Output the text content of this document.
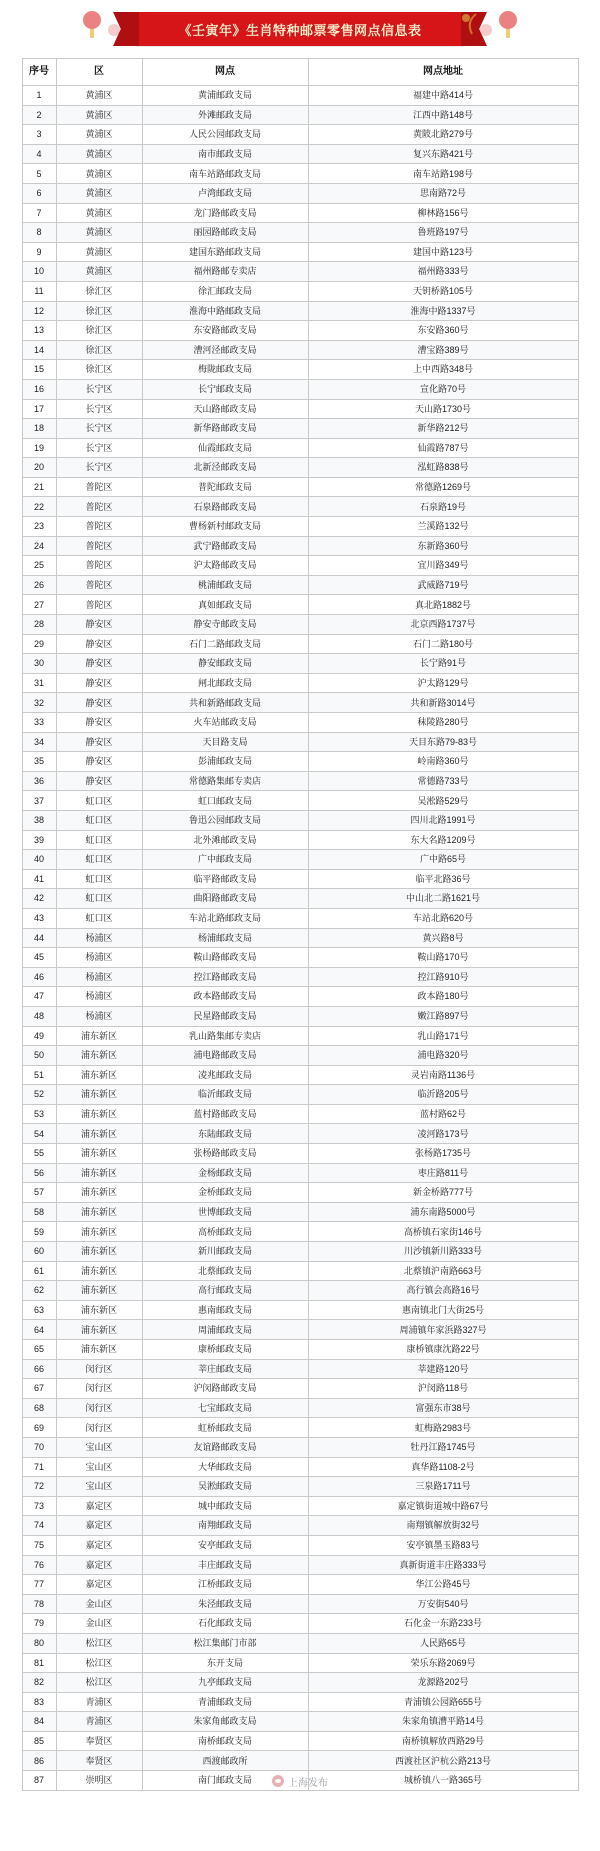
《壬寅年》生肖特种邮票零售网点信息表
序号	区	网点	网点地址
1	黄浦区	黄浦邮政支局	福建中路414号
2	黄浦区	外滩邮政支局	江西中路148号
3	黄浦区	人民公园邮政支局	黄陂北路279号
4	黄浦区	南市邮政支局	复兴东路421号
5	黄浦区	南车站路邮政支局	南车站路198号
6	黄浦区	卢湾邮政支局	思南路72号
7	黄浦区	龙门路邮政支局	柳林路156号
8	黄浦区	丽园路邮政支局	鲁班路197号
9	黄浦区	建国东路邮政支局	建国中路123号
10	黄浦区	福州路邮专卖店	福州路333号
11	徐汇区	徐汇邮政支局	天钥桥路105号
12	徐汇区	淮海中路邮政支局	淮海中路1337号
13	徐汇区	东安路邮政支局	东安路360号
14	徐汇区	漕河泾邮政支局	漕宝路389号
15	徐汇区	梅陇邮政支局	上中西路348号
16	长宁区	长宁邮政支局	宣化路70号
17	长宁区	天山路邮政支局	天山路1730号
18	长宁区	新华路邮政支局	新华路212号
19	长宁区	仙霞邮政支局	仙霞路787号
20	长宁区	北新泾邮政支局	泓虹路838号
21	普陀区	普陀邮政支局	常德路1269号
22	普陀区	石泉路邮政支局	石泉路19号
23	普陀区	曹杨新村邮政支局	兰溪路132号
24	普陀区	武宁路邮政支局	东新路360号
25	普陀区	沪太路邮政支局	宜川路349号
26	普陀区	桃浦邮政支局	武威路719号
27	普陀区	真如邮政支局	真北路1882号
28	静安区	静安寺邮政支局	北京西路1737号
29	静安区	石门二路邮政支局	石门二路180号
30	静安区	静安邮政支局	长宁路91号
31	静安区	闸北邮政支局	沪太路129号
32	静安区	共和新路邮政支局	共和新路3014号
33	静安区	火车站邮政支局	秣陵路280号
34	静安区	天目路支局	天目东路79-83号
35	静安区	彭浦邮政支局	岭南路360号
36	静安区	常德路集邮专卖店	常德路733号
37	虹口区	虹口邮政支局	吴淞路529号
38	虹口区	鲁迅公园邮政支局	四川北路1991号
39	虹口区	北外滩邮政支局	东大名路1209号
40	虹口区	广中邮政支局	广中路65号
41	虹口区	临平路邮政支局	临平北路36号
42	虹口区	曲阳路邮政支局	中山北二路1621号
43	虹口区	车站北路邮政支局	车站北路620号
44	杨浦区	杨浦邮政支局	黄兴路8号
45	杨浦区	鞍山路邮政支局	鞍山路170号
46	杨浦区	控江路邮政支局	控江路910号
47	杨浦区	政本路邮政支局	政本路180号
48	杨浦区	民星路邮政支局	嫩江路897号
49	浦东新区	乳山路集邮专卖店	乳山路171号
50	浦东新区	浦电路邮政支局	浦电路320号
51	浦东新区	凌兆邮政支局	灵岩南路1136号
52	浦东新区	临沂邮政支局	临沂路205号
53	浦东新区	蓝村路邮政支局	蓝村路62号
54	浦东新区	东陆邮政支局	凌河路173号
55	浦东新区	张杨路邮政支局	张杨路1735号
56	浦东新区	金杨邮政支局	枣庄路811号
57	浦东新区	金桥邮政支局	新金桥路777号
58	浦东新区	世博邮政支局	浦东南路5000号
59	浦东新区	高桥邮政支局	高桥镇石家街146号
60	浦东新区	新川邮政支局	川沙镇新川路333号
61	浦东新区	北蔡邮政支局	北蔡镇沪南路663号
62	浦东新区	高行邮政支局	高行镇会高路16号
63	浦东新区	惠南邮政支局	惠南镇北门大街25号
64	浦东新区	周浦邮政支局	周浦镇年家浜路327号
65	浦东新区	康桥邮政支局	康桥镇康沈路22号
66	闵行区	莘庄邮政支局	莘建路120号
67	闵行区	沪闵路邮政支局	沪闵路118号
68	闵行区	七宝邮政支局	富强东市38号
69	闵行区	虹桥邮政支局	虹梅路2983号
70	宝山区	友谊路邮政支局	牡丹江路1745号
71	宝山区	大华邮政支局	真华路1108-2号
72	宝山区	吴淞邮政支局	三泉路1711号
73	嘉定区	城中邮政支局	嘉定镇街道城中路67号
74	嘉定区	南翔邮政支局	南翔镇解放街32号
75	嘉定区	安亭邮政支局	安亭镇墨玉路83号
76	嘉定区	丰庄邮政支局	真新街道丰庄路333号
77	嘉定区	江桥邮政支局	华江公路45号
78	金山区	朱泾邮政支局	万安街540号
79	金山区	石化邮政支局	石化金一东路233号
80	松江区	松江集邮门市部	人民路65号
81	松江区	东开支局	荣乐东路2069号
82	松江区	九亭邮政支局	龙源路202号
83	青浦区	青浦邮政支局	青浦镇公园路655号
84	青浦区	朱家角邮政支局	朱家角镇漕平路14号
85	奉贤区	南桥邮政支局	南桥镇解放西路29号
86	奉贤区	西渡邮政所	西渡社区沪杭公路213号
87	崇明区	南门邮政支局	城桥镇八一路365号
上海发布
